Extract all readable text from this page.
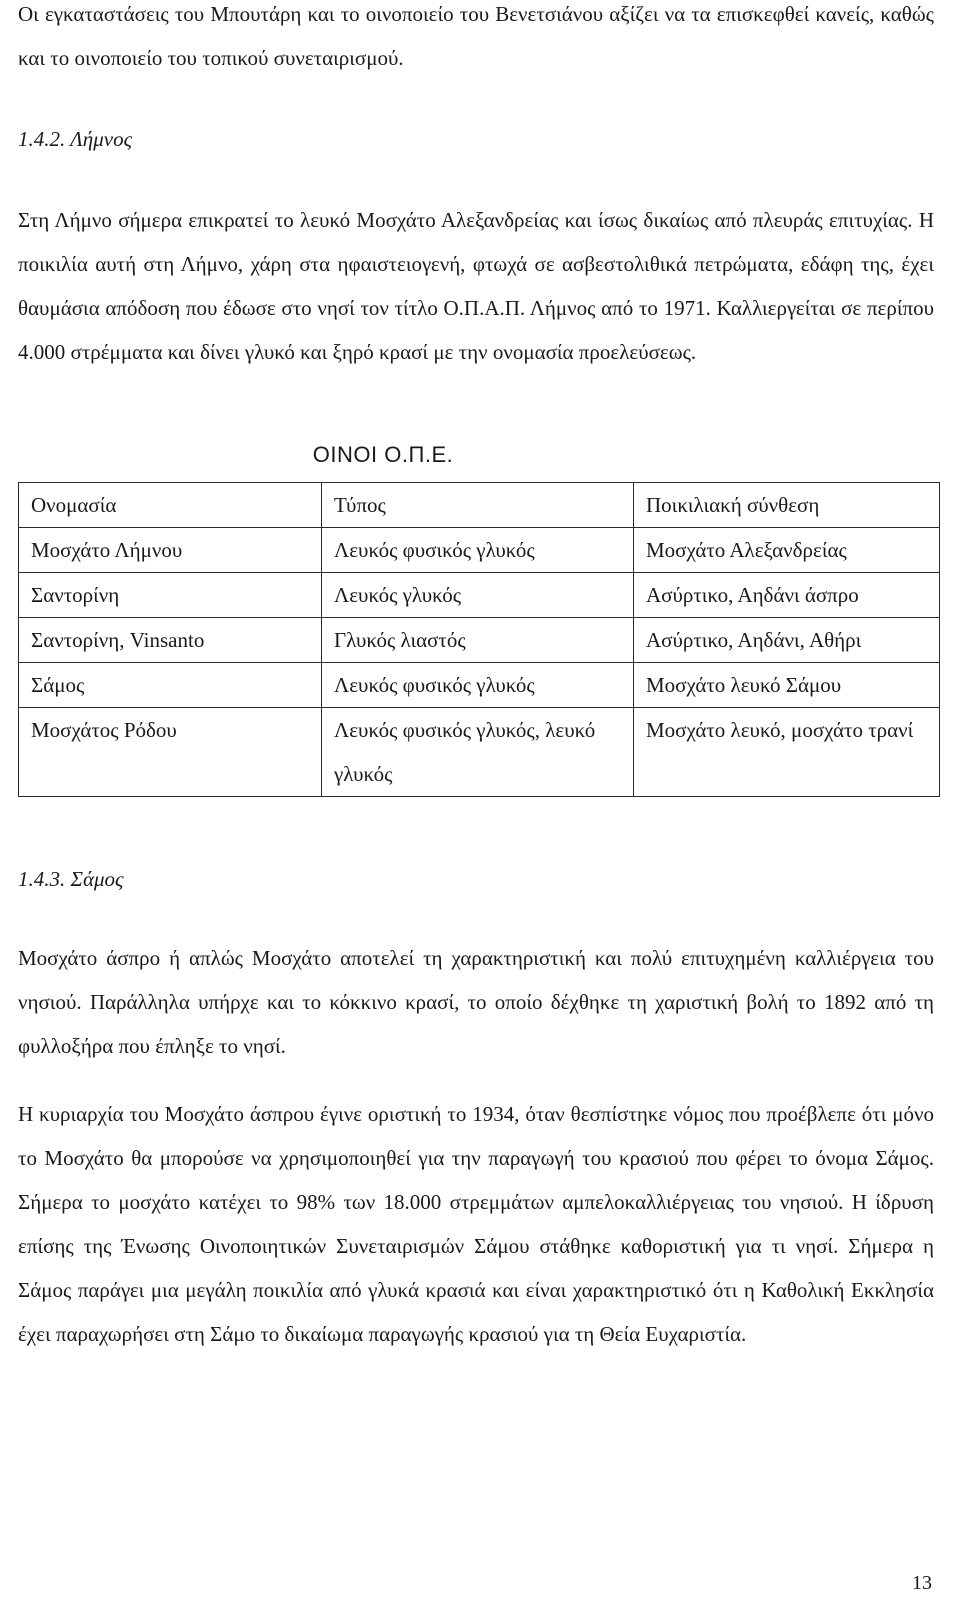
Οι εγκαταστάσεις του Μπουτάρη και το οινοποιείο του Βενετσιάνου αξίζει να τα επισκεφθεί κανείς, καθώς και το οινοποιείο του τοπικού συνεταιρισμού.

1.4.2. Λήμνος

Στη Λήμνο σήμερα επικρατεί το λευκό Μοσχάτο Αλεξανδρείας και ίσως δικαίως από πλευράς επιτυχίας. Η ποικιλία αυτή στη Λήμνο, χάρη στα ηφαιστειογενή, φτωχά σε ασβεστολιθικά πετρώματα, εδάφη της, έχει θαυμάσια απόδοση που έδωσε στο νησί τον τίτλο Ο.Π.Α.Π. Λήμνος από το 1971. Καλλιεργείται σε περίπου 4.000 στρέμματα και δίνει γλυκό και ξηρό κρασί με την ονομασία προελεύσεως.

ΟΙΝΟΙ Ο.Π.Ε.
Ονομασία	Τύπος	Ποικιλιακή σύνθεση
Μοσχάτο Λήμνου	Λευκός φυσικός γλυκός	Μοσχάτο Αλεξανδρείας
Σαντορίνη	Λευκός γλυκός	Ασύρτικο, Αηδάνι άσπρο
Σαντορίνη, Vinsanto	Γλυκός λιαστός	Ασύρτικο, Αηδάνι, Αθήρι
Σάμος	Λευκός φυσικός γλυκός	Μοσχάτο λευκό Σάμου
Μοσχάτος Ρόδου	Λευκός φυσικός γλυκός, λευκό γλυκός	Μοσχάτο λευκό, μοσχάτο τρανί
1.4.3. Σάμος

Μοσχάτο άσπρο ή απλώς Μοσχάτο αποτελεί τη χαρακτηριστική και πολύ επιτυχημένη καλλιέργεια του νησιού. Παράλληλα υπήρχε και το κόκκινο κρασί, το οποίο δέχθηκε τη χαριστική βολή το 1892 από τη φυλλοξήρα που έπληξε το νησί.

Η κυριαρχία του Μοσχάτο άσπρου έγινε οριστική το 1934, όταν θεσπίστηκε νόμος που προέβλεπε ότι μόνο το Μοσχάτο θα μπορούσε να χρησιμοποιηθεί για την παραγωγή του κρασιού που φέρει το όνομα Σάμος. Σήμερα το μοσχάτο κατέχει το 98% των 18.000 στρεμμάτων αμπελοκαλλιέργειας του νησιού. Η ίδρυση επίσης της Ένωσης Οινοποιητικών Συνεταιρισμών Σάμου στάθηκε καθοριστική για τι νησί. Σήμερα η Σάμος παράγει μια μεγάλη ποικιλία από γλυκά κρασιά και είναι χαρακτηριστικό ότι η Καθολική Εκκλησία έχει παραχωρήσει στη Σάμο το δικαίωμα παραγωγής κρασιού για τη Θεία Ευχαριστία.

13
